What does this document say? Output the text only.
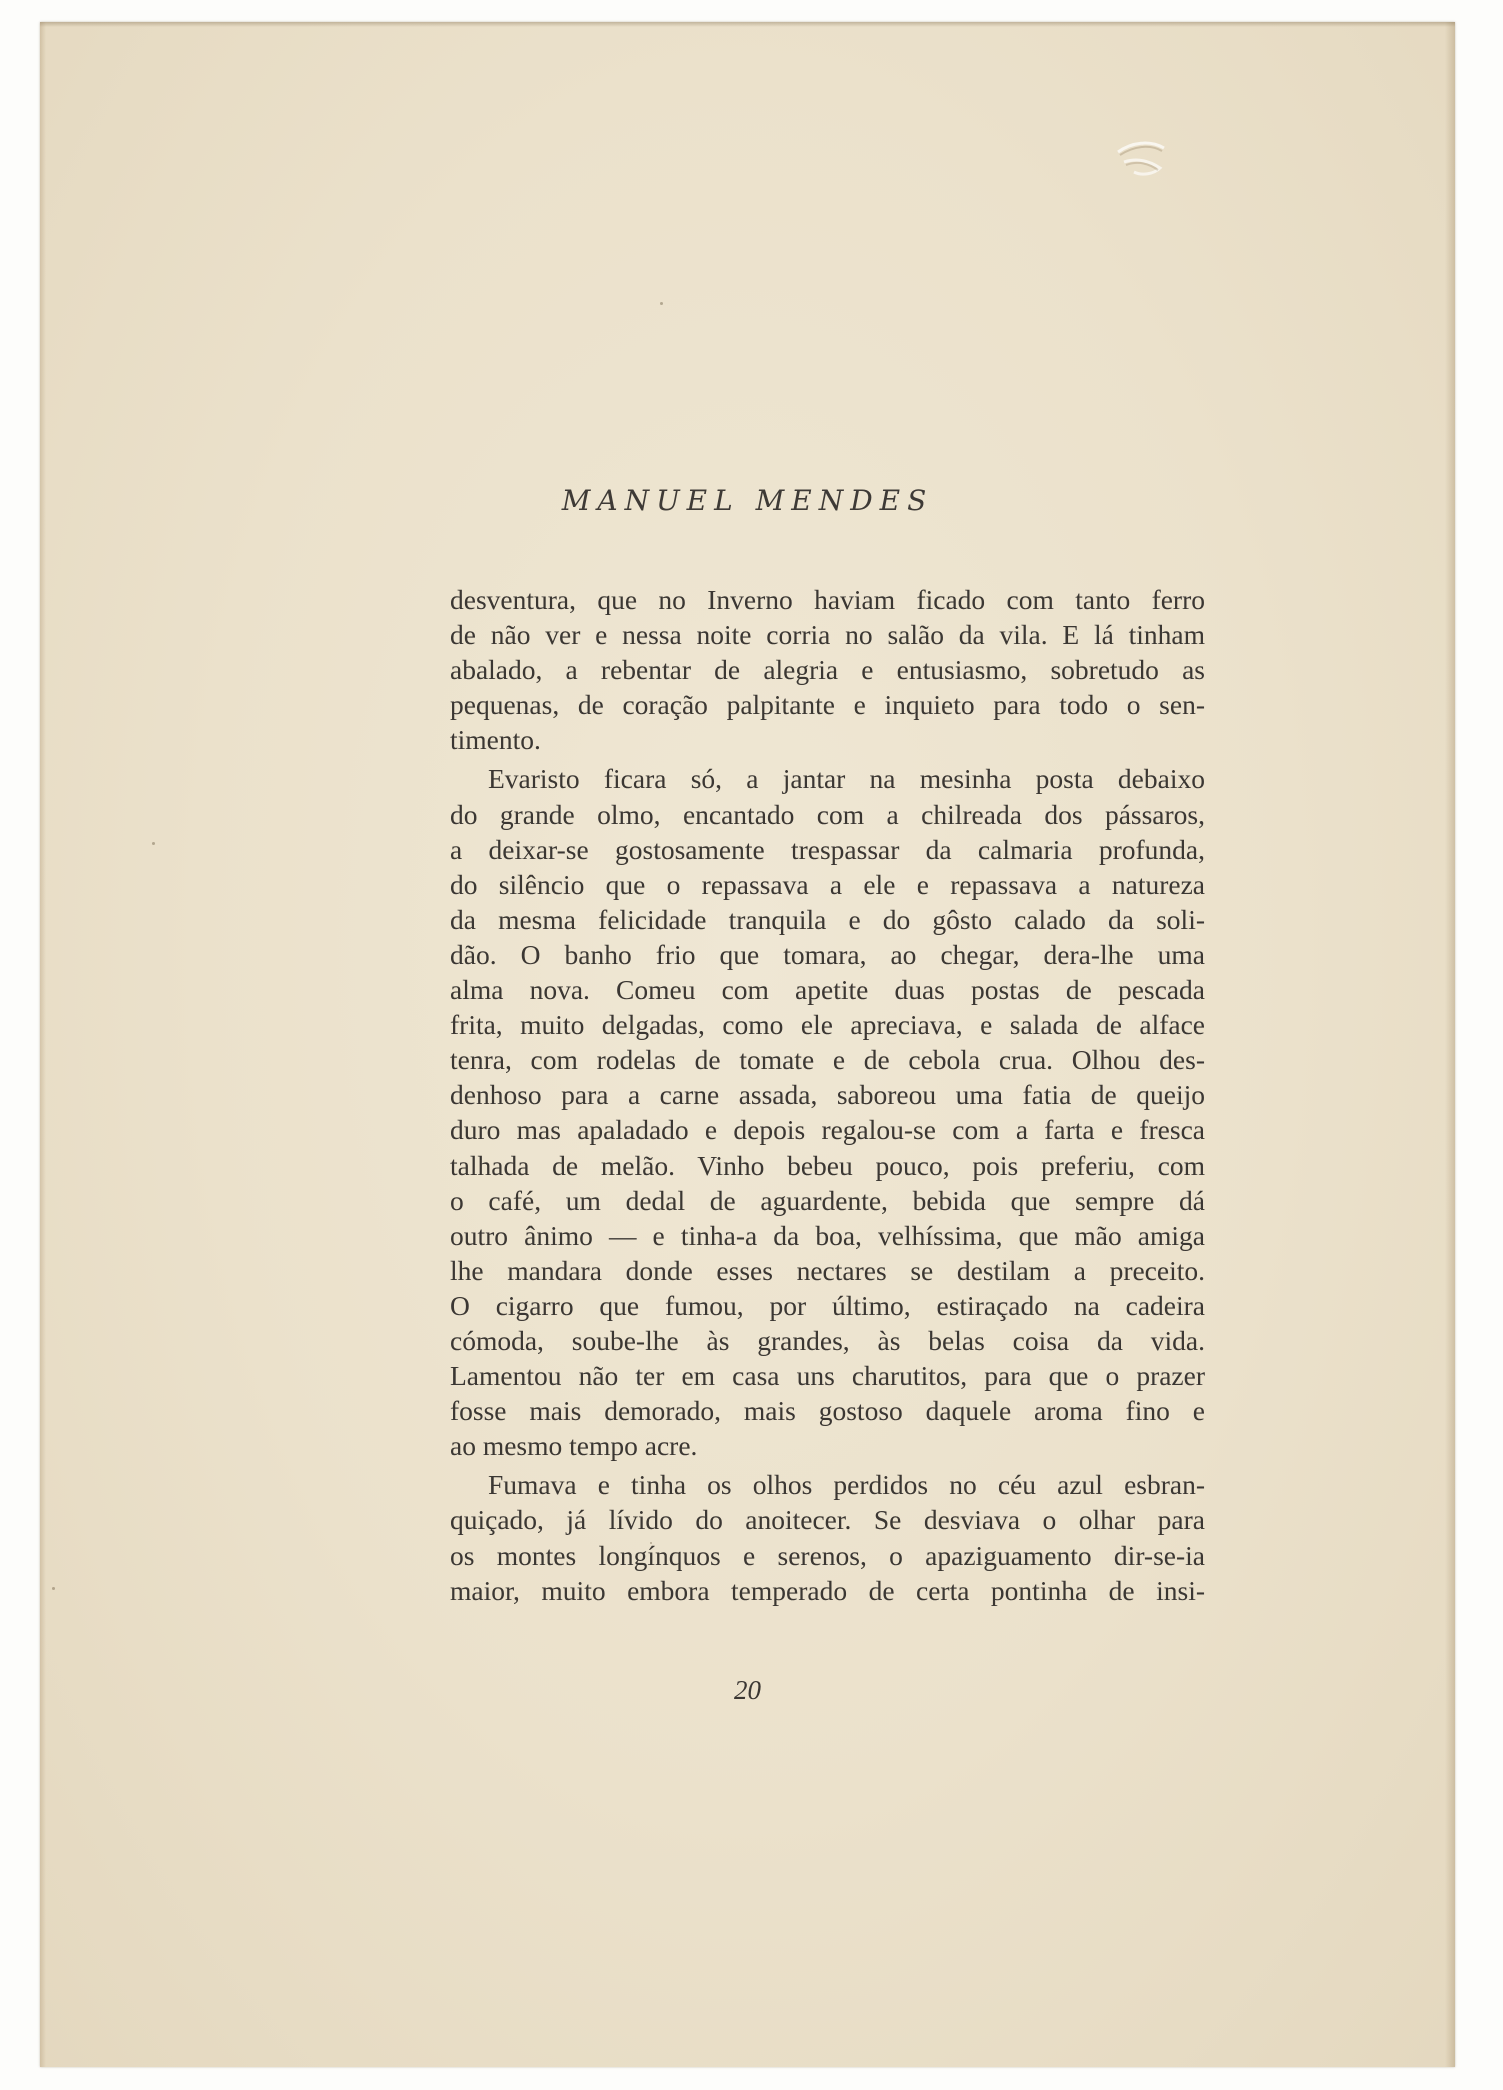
MANUEL MENDES
desventura, que no Inverno haviam ficado com tanto ferro
de não ver e nessa noite corria no salão da vila. E lá tinham
abalado, a rebentar de alegria e entusiasmo, sobretudo as
pequenas, de coração palpitante e inquieto para todo o sen-
timento.
Evaristo ficara só, a jantar na mesinha posta debaixo
do grande olmo, encantado com a chilreada dos pássaros,
a deixar-se gostosamente trespassar da calmaria profunda,
do silêncio que o repassava a ele e repassava a natureza
da mesma felicidade tranquila e do gôsto calado da soli-
dão. O banho frio que tomara, ao chegar, dera-lhe uma
alma nova. Comeu com apetite duas postas de pescada
frita, muito delgadas, como ele apreciava, e salada de alface
tenra, com rodelas de tomate e de cebola crua. Olhou des-
denhoso para a carne assada, saboreou uma fatia de queijo
duro mas apaladado e depois regalou-se com a farta e fresca
talhada de melão. Vinho bebeu pouco, pois preferiu, com
o café, um dedal de aguardente, bebida que sempre dá
outro ânimo — e tinha-a da boa, velhíssima, que mão amiga
lhe mandara donde esses nectares se destilam a preceito.
O cigarro que fumou, por último, estiraçado na cadeira
cómoda, soube-lhe às grandes, às belas coisa da vida.
Lamentou não ter em casa uns charutitos, para que o prazer
fosse mais demorado, mais gostoso daquele aroma fino e
ao mesmo tempo acre.
Fumava e tinha os olhos perdidos no céu azul esbran-
quiçado, já lívido do anoitecer. Se desviava o olhar para
os montes longínquos e serenos, o apaziguamento dir-se-ia
maior, muito embora temperado de certa pontinha de insi-
20
